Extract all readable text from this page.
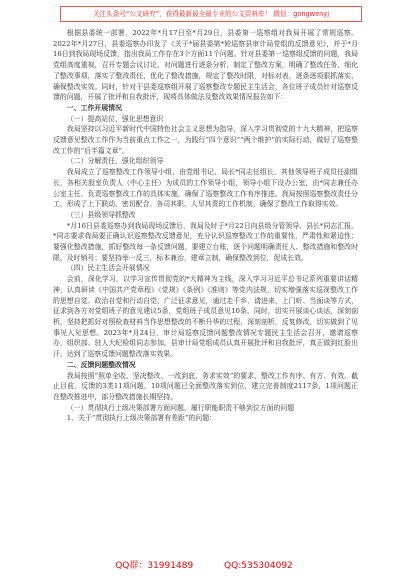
关注头条号“公文研究”，获得最新最全最专业的公文资料库！ 微信：gongwenyj

根据县委统一部署，2022年*月17日至*月29日，县委第一巡察组对我局开展了常规巡察。2022年*月27日，县委巡察办印发了《关于*届县委第*轮巡察县审计局党组的反馈意见》，并于*月16日到我局现场反馈，指出我局工作存在3个方面11个问题。针对县委第一巡察组反馈的问题，我局党组高度重视，召开专题会议讨论，对问题进行逐条分析，制定了整改方案，明确了整改任务，细化了整改事项，落实了整改责任，优化了整改措施，规定了整改时限，对标对表，逐条逐项狠抓落实，确保整改实效。同时，针对于县委巡察组开展了巡察整改专题民主生活会，各位班子成员针对巡察反馈的问题，开展了批评和自我批评，现将具体做法及整改效果情况报告如下：

一、工作开展情况

（一）提高站位，强化思想意识

我局坚持以习近平新时代中国特色社会主义思想为指导，深入学习贯彻党的十九大精神，把巡察反馈意见整改工作作为当前重点工作之一，为践行“四个意识”“两个维护”的实际行动，做好了巡察整改工作的“后半篇文章”。

（二）分解责任，强化组织领导

我局成立了巡察整改工作领导小组，由党组书记、局长*同志任组长，其他领导班子成员任副组长，各相关股室负责人（中心主任）为成员的工作领导小组，领导小组下设办公室，由*同志兼任办公室主任，负责巡察整改工作的具体实施，确保了巡察整改工作有序推进。我局按照巡察整改责任分工，形成了上下联动、密切配合、各司其职、人尽其责的工作机制，确保了整改工作取得实效。

（三）县级领导抓整改

*月16日县委巡察办到我局现场反馈后，我局及时于*月22日向县级分管领导、县长*同志汇报。*同志要求我局要正确认识巡察整改反馈意见，充分认识巡察整改工作的重要性，严肃性和紧迫性；要强化整改措施，抓好整改每一条反馈问题，要建立台账，逐个问题明确责任人、整改措施和整改时限，及时销号；要坚持举一反三，标本兼治，建章立制，确保整改到位，促成长效。

（四）民主生活会开展情况

会前，深化学习，以学习宣传贯彻党的*大精神为主线，深入学习习近平总书记系列重要讲话精神，认真研读《中国共产党章程》《党规》《条例》《准则》等党内法规，切实增强落实巡视整改工作的思想自觉、政治自觉和行动自觉，广泛征求意见，通过走千乡、请进来，上门听、当面谈等方式，征求到各方对党组班子的意见建议5条，党组班子成员意见10条。同时，切实开展谈心谈话，深刻剖析，坚持把抓好对照检查材料当作思想整改的不断升华的过程，深刻剖析，反复修改，切实做到了见事见人见思想。2023年*月24日，审计局巡察反馈问题整改情况专题民主生活会召开，邀请巡察办、组织部、驻人大纪检组同志参加。县审计局党组成员认真开展批评和自我批评，真正做到红脸出汗，达到了巡察反馈问题整改落实效果。

二、反馈问题整改情况

我局按照“照单全收、坚决整改、一改到底、务求实效”的要求，整改工作有序、有方、有效。截止目前，反馈的3类11项问题，10项问题已全面整改落实到位，建立完善制度2117条，1项问题正在整改推进中，部分整改措施长期坚持。

（一）贯彻执行上级决策部署方面问题，履行职能职责不够到位方面的问题

1、关于“贯彻执行上级决策部署有差距”的问题：

QQ群：31991489	QQ:535304092
